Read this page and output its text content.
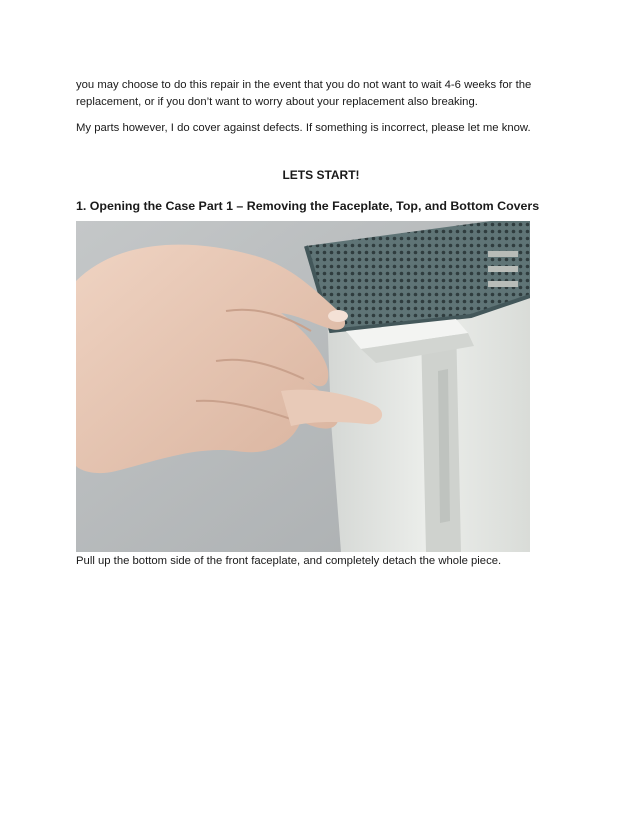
you may choose to do this repair in the event that you do not want to wait 4-6 weeks for the replacement, or if you don’t want to worry about your replacement also breaking.

My parts however, I do cover against defects. If something is incorrect, please let me know.

LETS START!
1. Opening the Case Part 1 – Removing the Faceplate, Top, and Bottom Covers
Pull up the bottom side of the front faceplate, and completely detach the whole piece.
